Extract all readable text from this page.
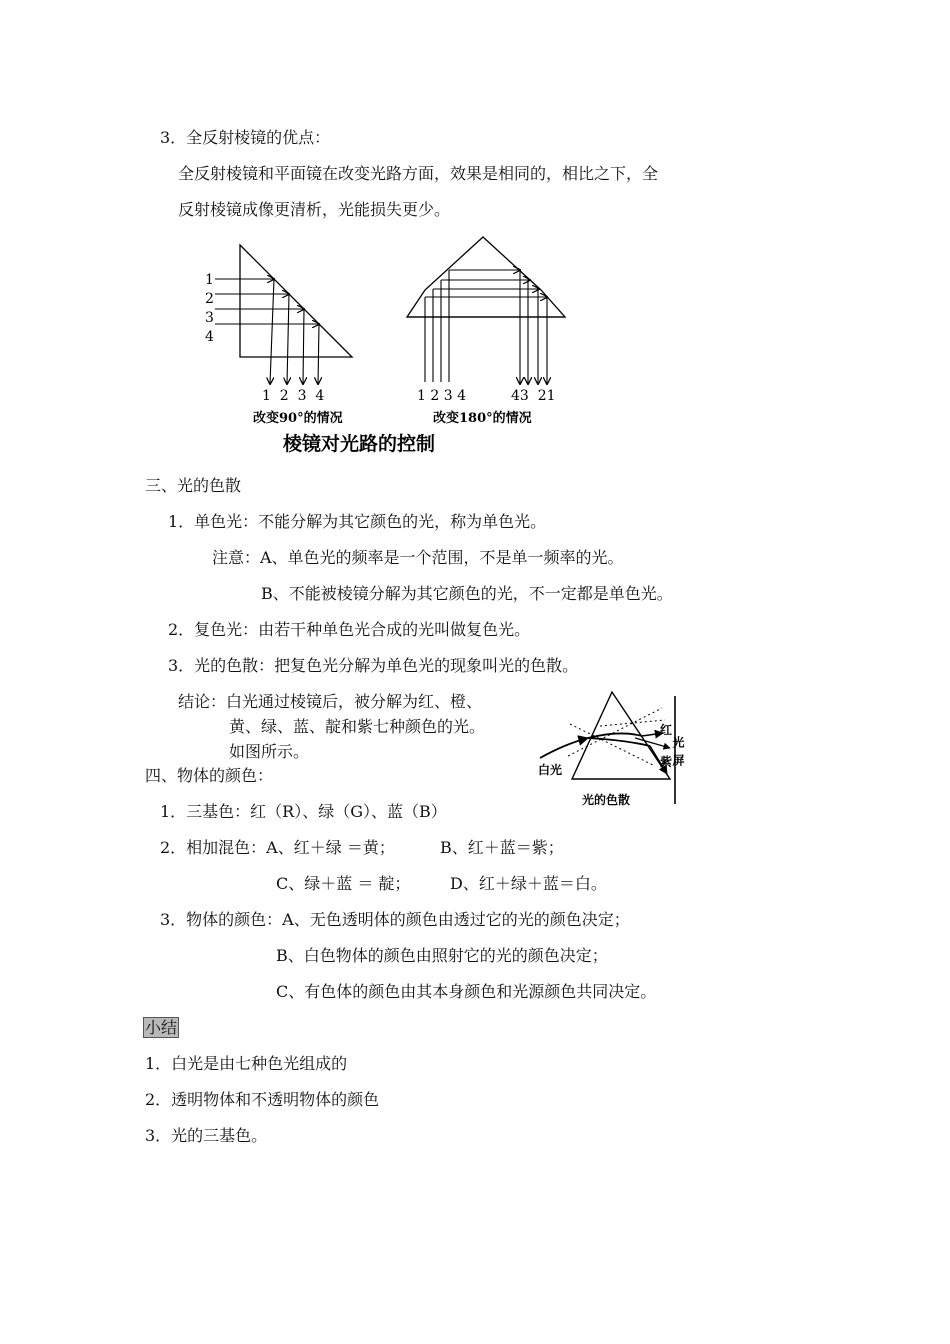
3．全反射棱镜的优点：
全反射棱镜和平面镜在改变光路方面，效果是相同的，相比之下，全
反射棱镜成像更清析，光能损失更少。
1
2
3
4
1  2  3  4
改变90°的情况
1 2 3 4	43  21
改变180°的情况
棱镜对光路的控制
三、光的色散
1．单色光：不能分解为其它颜色的光，称为单色光。
注意：A、单色光的频率是一个范围，不是单一频率的光。
B、不能被棱镜分解为其它颜色的光，不一定都是单色光。
2．复色光：由若干种单色光合成的光叫做复色光。
3．光的色散：把复色光分解为单色光的现象叫光的色散。
结论：白光通过棱镜后，被分解为红、橙、
黄、绿、蓝、靛和紫七种颜色的光。
如图所示。
白光
红
紫
光屏
光的色散
四、物体的颜色：
1．三基色：红（R）、绿（G）、蓝（B）
2．相加混色：A、红＋绿 ＝黄；	B、红＋蓝＝紫；
C、绿＋蓝 ＝ 靛； D、红＋绿＋蓝＝白。
3．物体的颜色：A、无色透明体的颜色由透过它的光的颜色决定；
B、白色物体的颜色由照射它的光的颜色决定；
C、有色体的颜色由其本身颜色和光源颜色共同决定。
小结
1．白光是由七种色光组成的
2．透明物体和不透明物体的颜色
3．光的三基色。
